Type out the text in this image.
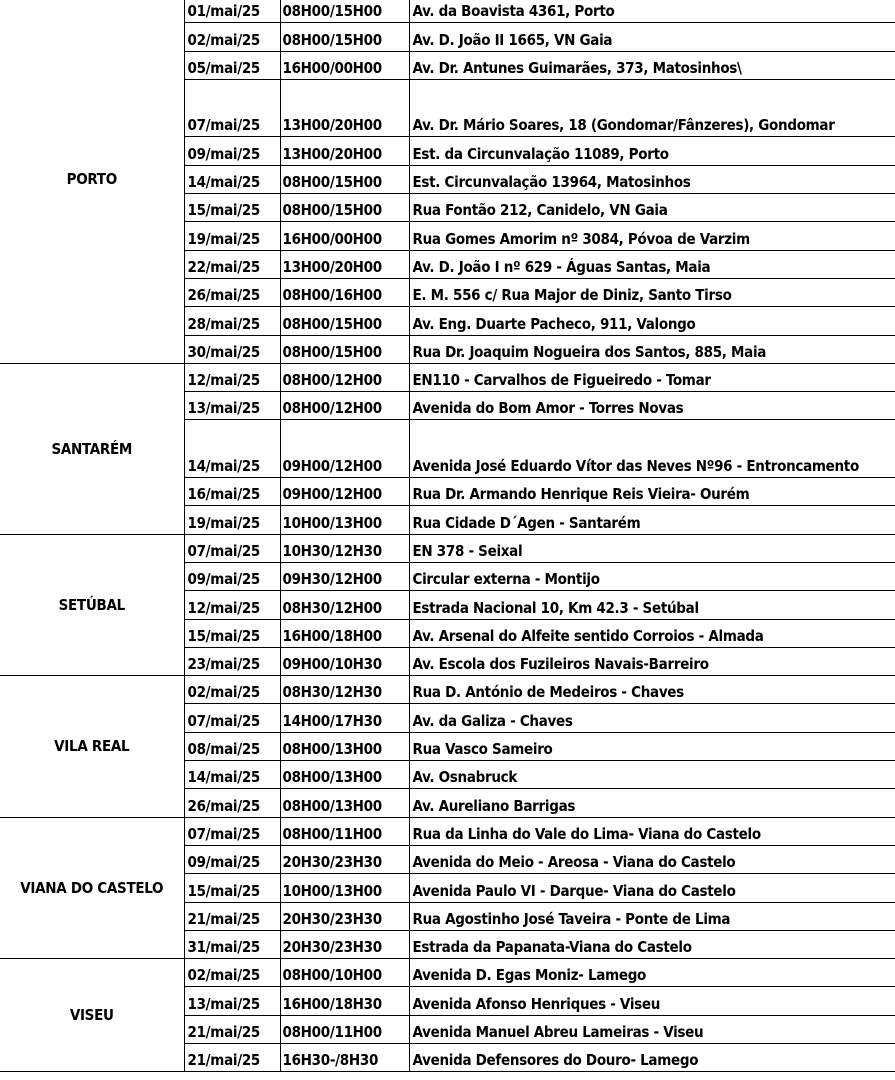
PORTO	01/mai/25	08H00/15H00	Av. da Boavista 4361, Porto
	02/mai/25	08H00/15H00	Av. D. João II 1665, VN Gaia
	05/mai/25	16H00/00H00	Av. Dr. Antunes Guimarães, 373, Matosinhos\
	07/mai/25	13H00/20H00	Av. Dr. Mário Soares, 18 (Gondomar/Fânzeres), Gondomar
	09/mai/25	13H00/20H00	Est. da Circunvalação 11089, Porto
	14/mai/25	08H00/15H00	Est. Circunvalação 13964, Matosinhos
	15/mai/25	08H00/15H00	Rua Fontão 212, Canidelo, VN Gaia
	19/mai/25	16H00/00H00	Rua Gomes Amorim nº 3084, Póvoa de Varzim
	22/mai/25	13H00/20H00	Av. D. João I nº 629 - Águas Santas, Maia
	26/mai/25	08H00/16H00	E. M. 556 c/ Rua Major de Diniz, Santo Tirso
	28/mai/25	08H00/15H00	Av. Eng. Duarte Pacheco, 911, Valongo
	30/mai/25	08H00/15H00	Rua Dr. Joaquim Nogueira dos Santos, 885, Maia
SANTARÉM	12/mai/25	08H00/12H00	EN110 - Carvalhos de Figueiredo - Tomar
	13/mai/25	08H00/12H00	Avenida do Bom Amor - Torres Novas
	14/mai/25	09H00/12H00	Avenida José Eduardo Vítor das Neves Nº96 - Entroncamento
	16/mai/25	09H00/12H00	Rua Dr. Armando Henrique Reis Vieira- Ourém
	19/mai/25	10H00/13H00	Rua Cidade D´Agen - Santarém
SETÚBAL	07/mai/25	10H30/12H30	EN 378 - Seixal
	09/mai/25	09H30/12H00	Circular externa - Montijo
	12/mai/25	08H30/12H00	Estrada Nacional 10, Km 42.3 - Setúbal
	15/mai/25	16H00/18H00	Av. Arsenal do Alfeite sentido Corroios - Almada
	23/mai/25	09H00/10H30	Av. Escola dos Fuzileiros Navais-Barreiro
VILA REAL	02/mai/25	08H30/12H30	Rua D. António de Medeiros - Chaves
	07/mai/25	14H00/17H30	Av. da Galiza - Chaves
	08/mai/25	08H00/13H00	Rua Vasco Sameiro
	14/mai/25	08H00/13H00	Av. Osnabruck
	26/mai/25	08H00/13H00	Av. Aureliano Barrigas
VIANA DO CASTELO	07/mai/25	08H00/11H00	Rua da Linha do Vale do Lima- Viana do Castelo
	09/mai/25	20H30/23H30	Avenida do Meio - Areosa - Viana do Castelo
	15/mai/25	10H00/13H00	Avenida Paulo VI - Darque- Viana do Castelo
	21/mai/25	20H30/23H30	Rua Agostinho José Taveira - Ponte de Lima
	31/mai/25	20H30/23H30	Estrada da Papanata-Viana do Castelo
VISEU	02/mai/25	08H00/10H00	Avenida D. Egas Moniz- Lamego
	13/mai/25	16H00/18H30	Avenida Afonso Henriques - Viseu
	21/mai/25	08H00/11H00	Avenida Manuel Abreu Lameiras - Viseu
	21/mai/25	16H30-/8H30	Avenida Defensores do Douro- Lamego
